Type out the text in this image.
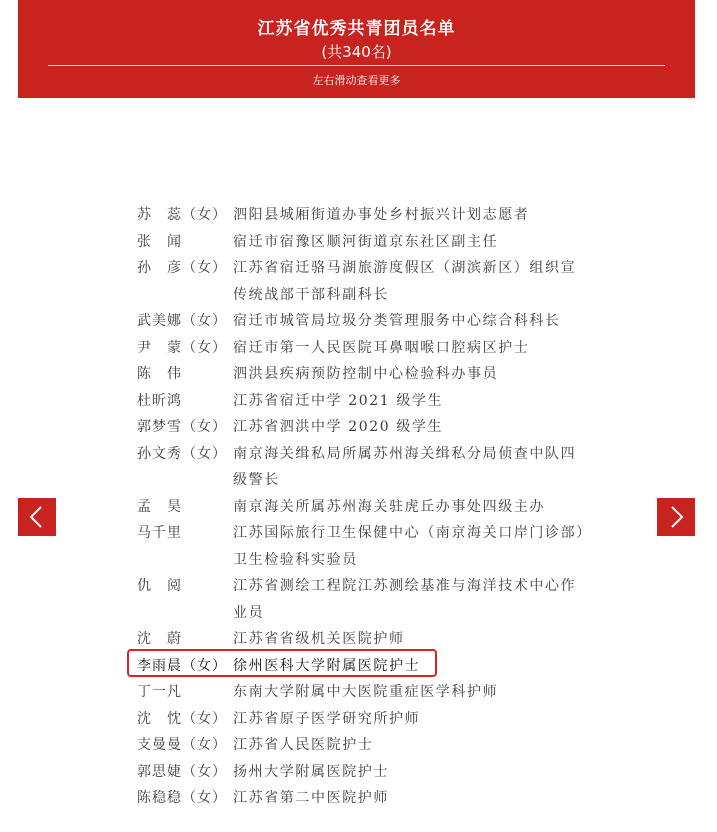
江苏省优秀共青团员名单
(共340名)
左右滑动查看更多
苏　蕊（女） 泗阳县城厢街道办事处乡村振兴计划志愿者
张　闻	宿迁市宿豫区顺河街道京东社区副主任
孙　彦（女） 江苏省宿迁骆马湖旅游度假区（湖滨新区）组织宣传统战部干部科副科长
武美娜（女） 宿迁市城管局垃圾分类管理服务中心综合科科长
尹　蒙（女） 宿迁市第一人民医院耳鼻咽喉口腔病区护士
陈　伟	泗洪县疾病预防控制中心检验科办事员
杜昕鸿	江苏省宿迁中学 2021 级学生
郭梦雪（女） 江苏省泗洪中学 2020 级学生
孙文秀（女） 南京海关缉私局所属苏州海关缉私分局侦查中队四级警长
孟　昊	南京海关所属苏州海关驻虎丘办事处四级主办
马千里	江苏国际旅行卫生保健中心（南京海关口岸门诊部）卫生检验科实验员
仇　阅	江苏省测绘工程院江苏测绘基准与海洋技术中心作业员
沈　蔚	江苏省省级机关医院护师
李雨晨（女） 徐州医科大学附属医院护士
丁一凡	东南大学附属中大医院重症医学科护师
沈　忱（女） 江苏省原子医学研究所护师
支曼曼（女） 江苏省人民医院护士
郭思婕（女） 扬州大学附属医院护士
陈稳稳（女） 江苏省第二中医院护师
